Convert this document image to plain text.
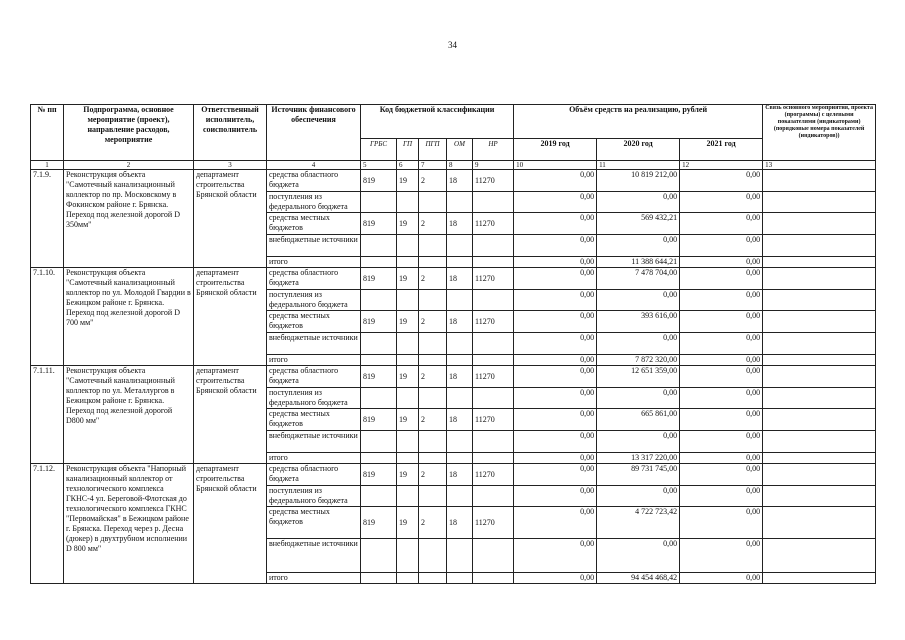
34
№ пп	Подпрограмма, основное мероприятие (проект), направление расходов, мероприятие	Ответственный исполнитель, соисполнитель	Источник финансового обеспечения	Код бюджетной классификации					Объём средств на реализацию, рублей			Связь основного мероприятия, проекта (программы) с целевыми показателями (индикаторами) (порядковые номера показателей (индикаторов))
				ГРБС	ГП	ПГП	ОМ	НР	2019 год	2020 год	2021 год	
1	2	3	4	5	6	7	8	9	10	11	12	13
7.1.9.	Реконструкция объекта "Самотечный канализационный коллектор по пр. Московскому в Фокинском районе г. Брянска. Переход под железной дорогой D 350мм"	департамент строительства Брянской области	средства областного бюджета	819	19	2	18	11270	0,00	10 819 212,00	0,00	
			поступления из федерального бюджета						0,00	0,00	0,00	
			средства местных бюджетов	819	19	2	18	11270	0,00	569 432,21	0,00	
			внебюджетные источники						0,00	0,00	0,00	
			итого						0,00	11 388 644,21	0,00	
7.1.10.	Реконструкция объекта "Самотечный канализационный коллектор по ул. Молодой Гвардии в Бежицком районе г. Брянска. Переход под железной дорогой D 700 мм"	департамент строительства Брянской области	средства областного бюджета	819	19	2	18	11270	0,00	7 478 704,00	0,00	
			поступления из федерального бюджета						0,00	0,00	0,00	
			средства местных бюджетов	819	19	2	18	11270	0,00	393 616,00	0,00	
			внебюджетные источники						0,00	0,00	0,00	
			итого						0,00	7 872 320,00	0,00	
7.1.11.	Реконструкция объекта "Самотечный канализационный коллектор по ул. Металлургов в Бежицком районе г. Брянска. Переход под железной дорогой D800 мм"	департамент строительства Брянской области	средства областного бюджета	819	19	2	18	11270	0,00	12 651 359,00	0,00	
			поступления из федерального бюджета						0,00	0,00	0,00	
			средства местных бюджетов	819	19	2	18	11270	0,00	665 861,00	0,00	
			внебюджетные источники						0,00	0,00	0,00	
			итого						0,00	13 317 220,00	0,00	
7.1.12.	Реконструкция объекта "Напорный канализационный коллектор от технологического комплекса ГКНС-4 ул. Береговой-Флотская до технологического комплекса ГКНС "Первомайская" в Бежицком районе г. Брянска. Переход через р. Десна (дюкер) в двухтрубном исполнении D 800 мм"	департамент строительства Брянской области	средства областного бюджета	819	19	2	18	11270	0,00	89 731 745,00	0,00	
			поступления из федерального бюджета						0,00	0,00	0,00	
			средства местных бюджетов	819	19	2	18	11270	0,00	4 722 723,42	0,00	
			внебюджетные источники						0,00	0,00	0,00	
			итого						0,00	94 454 468,42	0,00	
